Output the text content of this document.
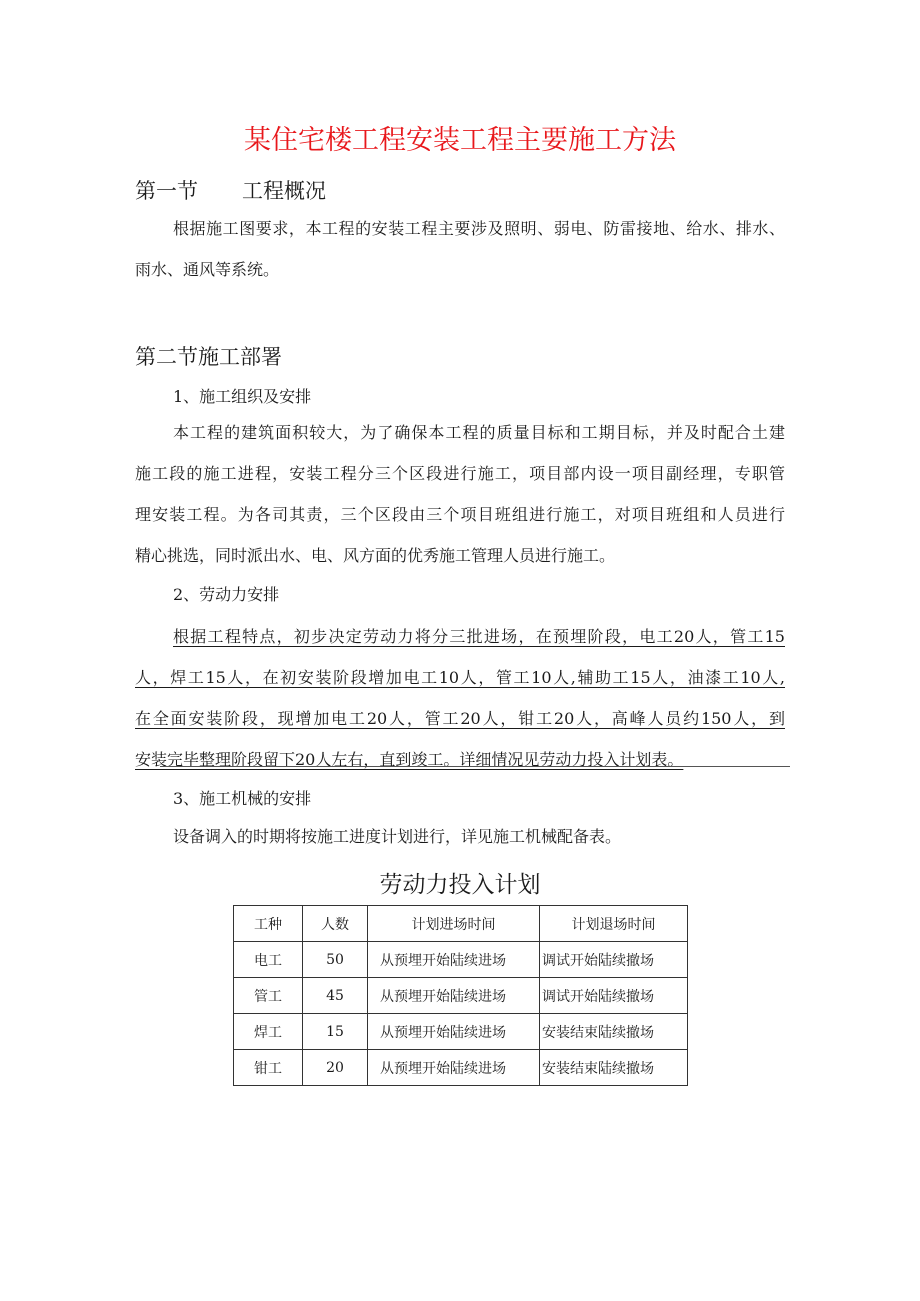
某住宅楼工程安装工程主要施工方法
第一节 工程概况
根据施工图要求，本工程的安装工程主要涉及照明、弱电、防雷接地、给水、排水、
雨水、通风等系统。
第二节施工部署
1、施工组织及安排
本工程的建筑面积较大，为了确保本工程的质量目标和工期目标，并及时配合土建
施工段的施工进程，安装工程分三个区段进行施工，项目部内设一项目副经理，专职管
理安装工程。为各司其责，三个区段由三个项目班组进行施工，对项目班组和人员进行
精心挑选，同时派出水、电、风方面的优秀施工管理人员进行施工。
2、劳动力安排
根据工程特点，初步决定劳动力将分三批进场，在预埋阶段，电工20人，管工15
人，焊工15人，在初安装阶段增加电工10人，管工10人,辅助工15人，油漆工10人,
在全面安装阶段，现增加电工20人，管工20人，钳工20人，高峰人员约150人，到
安装完毕整理阶段留下20人左右，直到竣工。详细情况见劳动力投入计划表。
3、施工机械的安排
设备调入的时期将按施工进度计划进行，详见施工机械配备表。
劳动力投入计划
工种	人数	计划进场时间	计划退场时间
电工	50	从预埋开始陆续进场	调试开始陆续撤场
管工	45	从预埋开始陆续进场	调试开始陆续撤场
焊工	15	从预埋开始陆续进场	安装结束陆续撤场
钳工	20	从预埋开始陆续进场	安装结束陆续撤场
